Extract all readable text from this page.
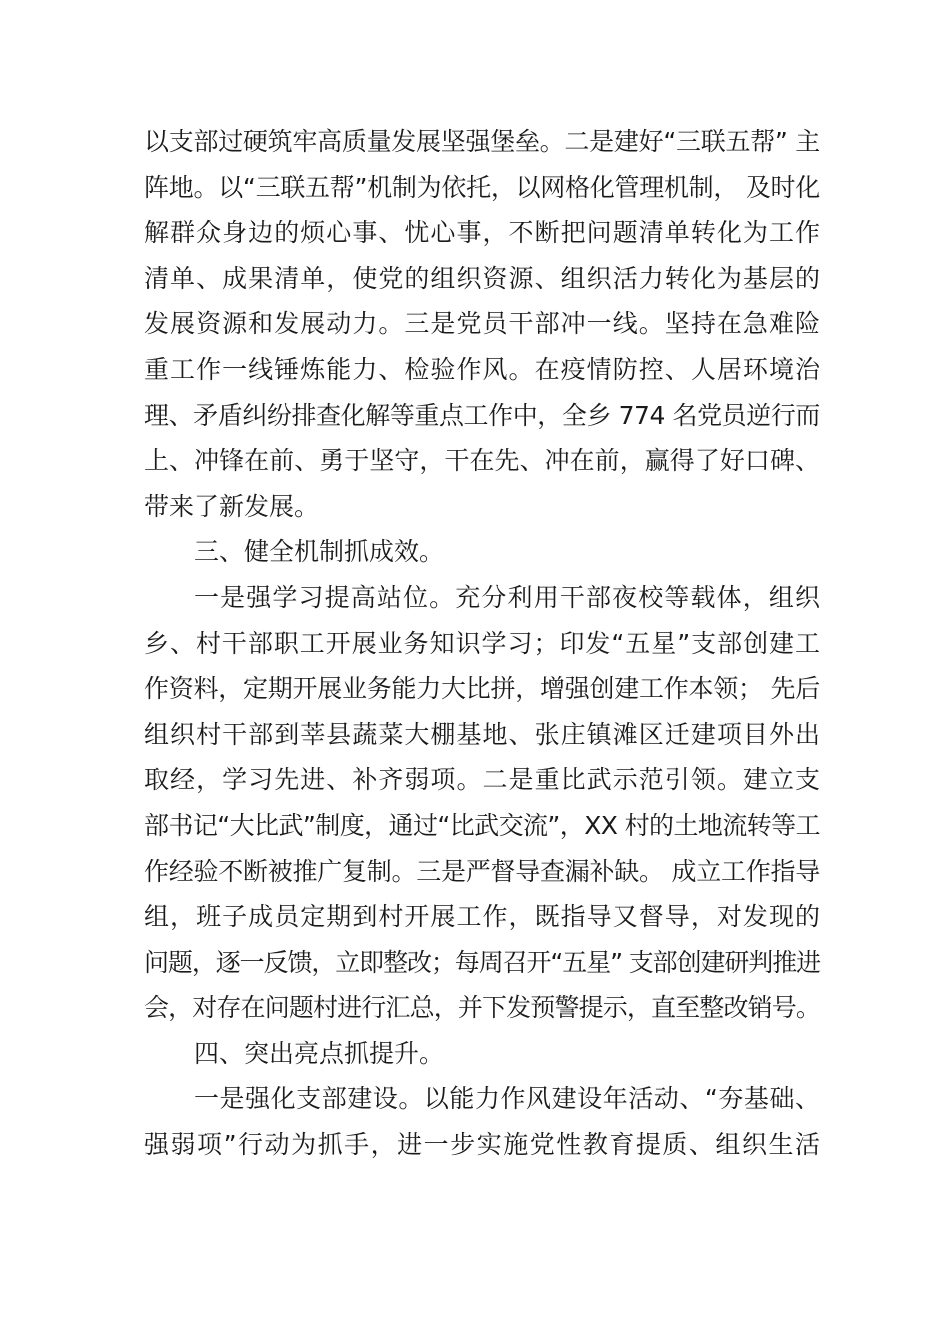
以支部过硬筑牢高质量发展坚强堡垒。二是建好“三联五帮” 主
阵地。以“三联五帮”机制为依托，以网格化管理机制， 及时化
解群众身边的烦心事、忧心事，不断把问题清单转化为工作
清单、成果清单，使党的组织资源、组织活力转化为基层的
发展资源和发展动力。三是党员干部冲一线。坚持在急难险
重工作一线锤炼能力、检验作风。在疫情防控、人居环境治
理、矛盾纠纷排查化解等重点工作中，全乡 774 名党员逆行而
上、冲锋在前、勇于坚守，干在先、冲在前，赢得了好口碑、
带来了新发展。
三、健全机制抓成效。
一是强学习提高站位。充分利用干部夜校等载体，组织
乡、村干部职工开展业务知识学习；印发“五星”支部创建工
作资料，定期开展业务能力大比拼，增强创建工作本领； 先后
组织村干部到莘县蔬菜大棚基地、张庄镇滩区迁建项目外出
取经，学习先进、补齐弱项。二是重比武示范引领。建立支
部书记“大比武”制度，通过“比武交流”，XX 村的土地流转等工
作经验不断被推广复制。三是严督导查漏补缺。 成立工作指导
组，班子成员定期到村开展工作，既指导又督导，对发现的
问题，逐一反馈，立即整改；每周召开“五星” 支部创建研判推进
会，对存在问题村进行汇总，并下发预警提示，直至整改销号。
四、突出亮点抓提升。
一是强化支部建设。以能力作风建设年活动、“夯基础、
强弱项”行动为抓手，进一步实施党性教育提质、组织生活
